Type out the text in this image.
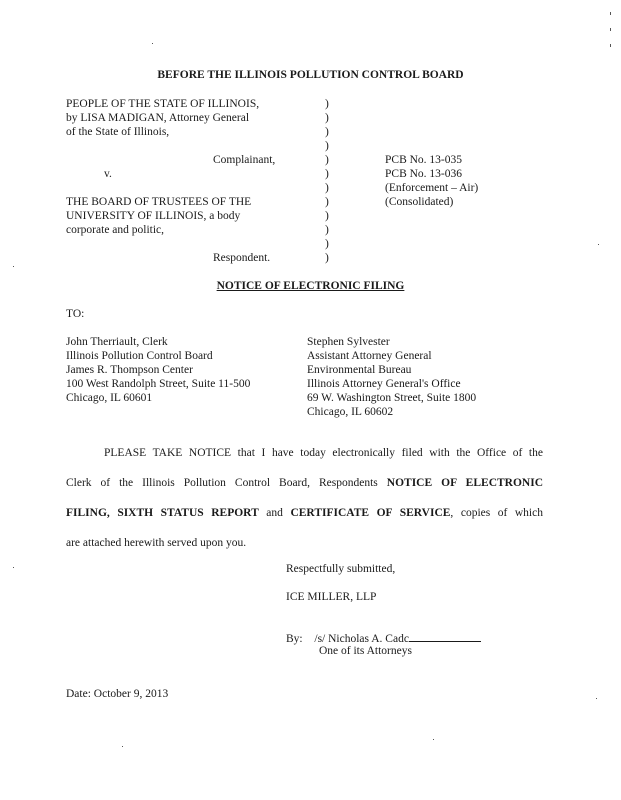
BEFORE THE ILLINOIS POLLUTION CONTROL BOARD
PEOPLE OF THE STATE OF ILLINOIS,
by LISA MADIGAN, Attorney General
of the State of Illinois,
Complainant,
v.
THE BOARD OF TRUSTEES OF THE
UNIVERSITY OF ILLINOIS, a body
corporate and politic,
Respondent.
)
)
)
)
)
)
)
)
)
)
)
)
PCB No. 13-035
PCB No. 13-036
(Enforcement – Air)
(Consolidated)
NOTICE OF ELECTRONIC FILING
TO:
John Therriault, Clerk
Illinois Pollution Control Board
James R. Thompson Center
100 West Randolph Street, Suite 11-500
Chicago, IL 60601
Stephen Sylvester
Assistant Attorney General
Environmental Bureau
Illinois Attorney General's Office
69 W. Washington Street, Suite 1800
Chicago, IL 60602
PLEASE TAKE NOTICE that I have today electronically filed with the Office of the
Clerk of the Illinois Pollution Control Board, Respondents NOTICE OF ELECTRONIC
FILING, SIXTH STATUS REPORT and CERTIFICATE OF SERVICE, copies of which
are attached herewith served upon you.
Respectfully submitted,
ICE MILLER, LLP
By: /s/ Nicholas A. Cadc
One of its Attorneys
Date: October 9, 2013
